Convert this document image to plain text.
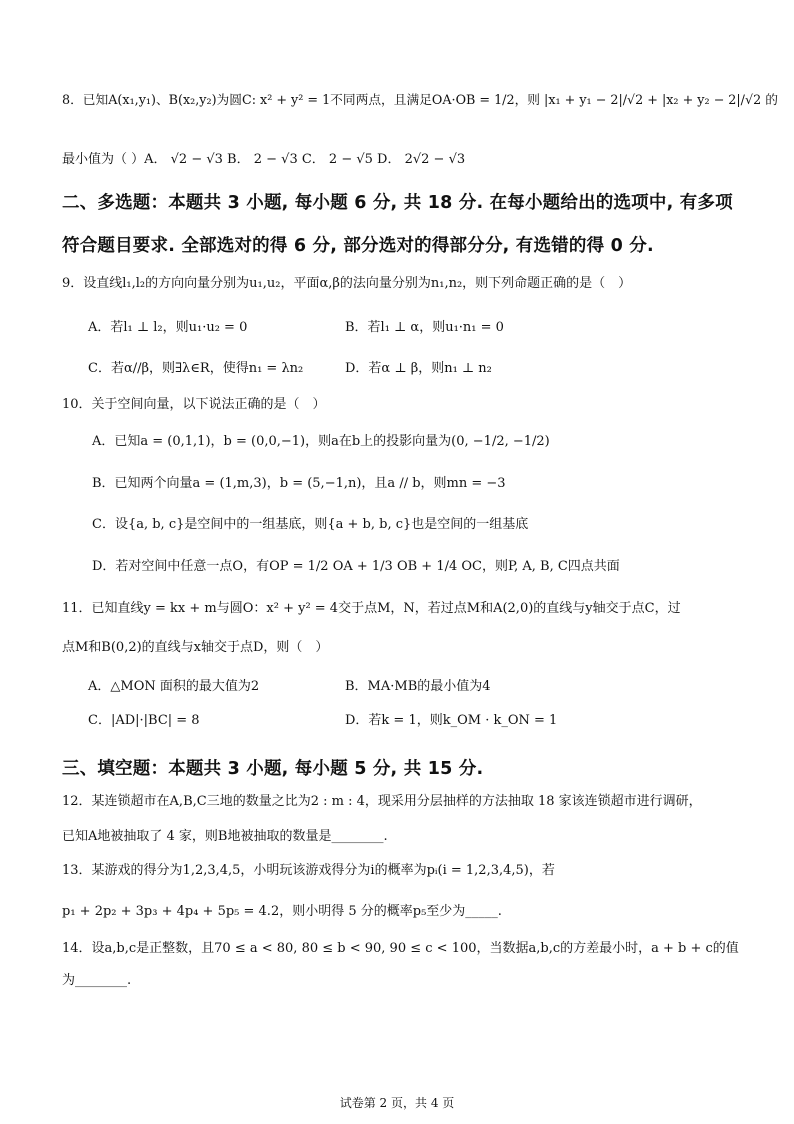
8．已知A(x₁,y₁)、B(x₂,y₂)为圆C: x² + y² = 1不同两点，且满足OA·OB = 1/2，则 |x₁ + y₁ − 2|/√2 + |x₂ + y₂ − 2|/√2 的
最小值为（ ）A． √2 − √3 B． 2 − √3 C． 2 − √5 D． 2√2 − √3
二、多选题：本题共 3 小题, 每小题 6 分, 共 18 分. 在每小题给出的选项中, 有多项
符合题目要求. 全部选对的得 6 分, 部分选对的得部分分, 有选错的得 0 分.
9．设直线l₁,l₂的方向向量分别为u₁,u₂，平面α,β的法向量分别为n₁,n₂，则下列命题正确的是（　）
A．若l₁ ⊥ l₂，则u₁·u₂ = 0	B．若l₁ ⊥ α，则u₁·n₁ = 0
C．若α//β，则∃λ∈R，使得n₁ = λn₂	D．若α ⊥ β，则n₁ ⊥ n₂
10．关于空间向量，以下说法正确的是（　）
A．已知a = (0,1,1)，b = (0,0,−1)，则a在b上的投影向量为(0, −1/2, −1/2)
B．已知两个向量a = (1,m,3)，b = (5,−1,n)，且a // b，则mn = −3
C．设{a, b, c}是空间中的一组基底，则{a + b, b, c}也是空间的一组基底
D．若对空间中任意一点O，有OP = 1/2 OA + 1/3 OB + 1/4 OC，则P, A, B, C四点共面
11．已知直线y = kx + m与圆O：x² + y² = 4交于点M，N，若过点M和A(2,0)的直线与y轴交于点C，过
点M和B(0,2)的直线与x轴交于点D，则（　）
A．△MON 面积的最大值为2	B．MA·MB的最小值为4
C．|AD|·|BC| = 8	D．若k = 1，则k_OM · k_ON = 1
三、填空题：本题共 3 小题, 每小题 5 分, 共 15 分.
12．某连锁超市在A,B,C三地的数量之比为2 : m : 4，现采用分层抽样的方法抽取 18 家该连锁超市进行调研，
已知A地被抽取了 4 家，则B地被抽取的数量是________.
13．某游戏的得分为1,2,3,4,5，小明玩该游戏得分为i的概率为pᵢ(i = 1,2,3,4,5)，若
p₁ + 2p₂ + 3p₃ + 4p₄ + 5p₅ = 4.2，则小明得 5 分的概率p₅至少为_____.
14．设a,b,c是正整数，且70 ≤ a < 80, 80 ≤ b < 90, 90 ≤ c < 100，当数据a,b,c的方差最小时，a + b + c的值
为________.
试卷第 2 页，共 4 页
